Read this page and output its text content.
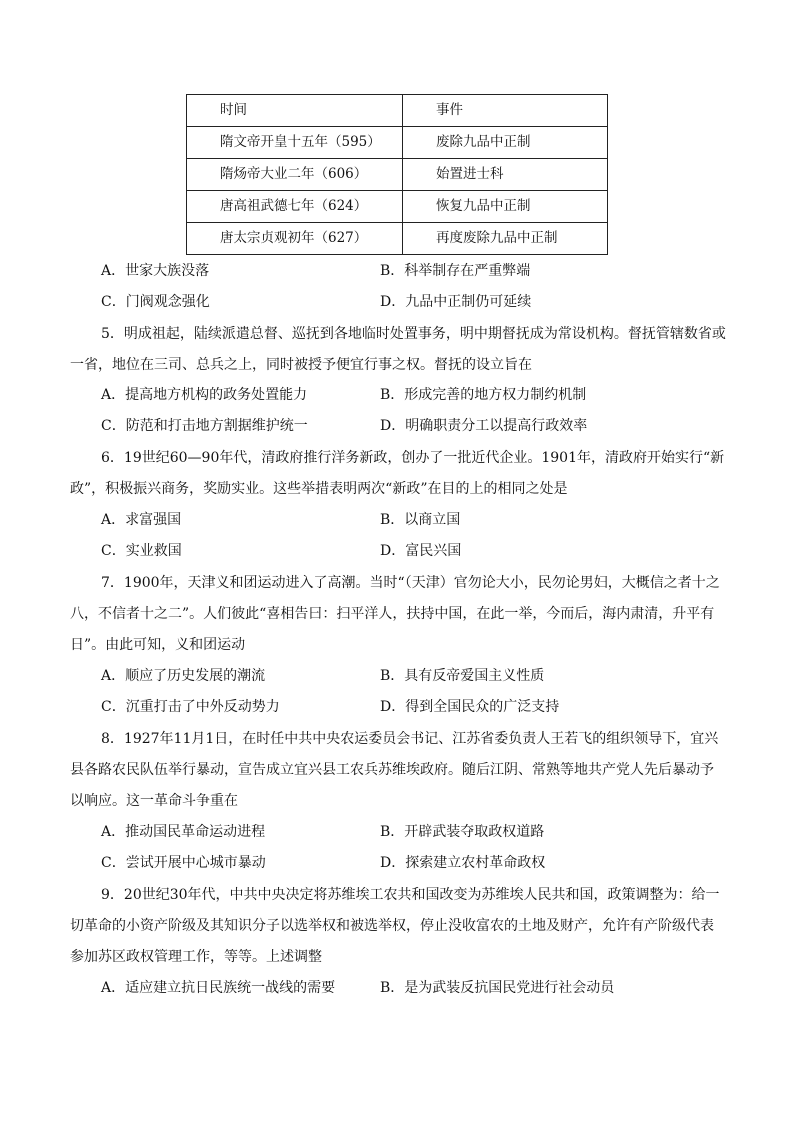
时间	事件
隋文帝开皇十五年（595）	废除九品中正制
隋炀帝大业二年（606）	始置进士科
唐高祖武德七年（624）	恢复九品中正制
唐太宗贞观初年（627）	再度废除九品中正制
A．世家大族没落	B．科举制存在严重弊端
C．门阀观念强化	D．九品中正制仍可延续
5．明成祖起，陆续派遣总督、巡抚到各地临时处置事务，明中期督抚成为常设机构。督抚管辖数省或
一省，地位在三司、总兵之上，同时被授予便宜行事之权。督抚的设立旨在
A．提高地方机构的政务处置能力	B．形成完善的地方权力制约机制
C．防范和打击地方割据维护统一	D．明确职责分工以提高行政效率
6．19世纪60—90年代，清政府推行洋务新政，创办了一批近代企业。1901年，清政府开始实行“新
政”，积极振兴商务，奖励实业。这些举措表明两次“新政”在目的上的相同之处是
A．求富强国	B．以商立国
C．实业救国	D．富民兴国
7．1900年，天津义和团运动进入了高潮。当时“（天津）官勿论大小，民勿论男妇，大概信之者十之
八，不信者十之二”。人们彼此“喜相告曰：扫平洋人，扶持中国，在此一举，今而后，海内肃清，升平有
日”。由此可知，义和团运动
A．顺应了历史发展的潮流	B．具有反帝爱国主义性质
C．沉重打击了中外反动势力	D．得到全国民众的广泛支持
8．1927年11月1日，在时任中共中央农运委员会书记、江苏省委负责人王若飞的组织领导下，宜兴
县各路农民队伍举行暴动，宣告成立宜兴县工农兵苏维埃政府。随后江阴、常熟等地共产党人先后暴动予
以响应。这一革命斗争重在
A．推动国民革命运动进程	B．开辟武装夺取政权道路
C．尝试开展中心城市暴动	D．探索建立农村革命政权
9．20世纪30年代，中共中央决定将苏维埃工农共和国改变为苏维埃人民共和国，政策调整为：给一
切革命的小资产阶级及其知识分子以选举权和被选举权，停止没收富农的土地及财产，允许有产阶级代表
参加苏区政权管理工作，等等。上述调整
A．适应建立抗日民族统一战线的需要	B．是为武装反抗国民党进行社会动员
